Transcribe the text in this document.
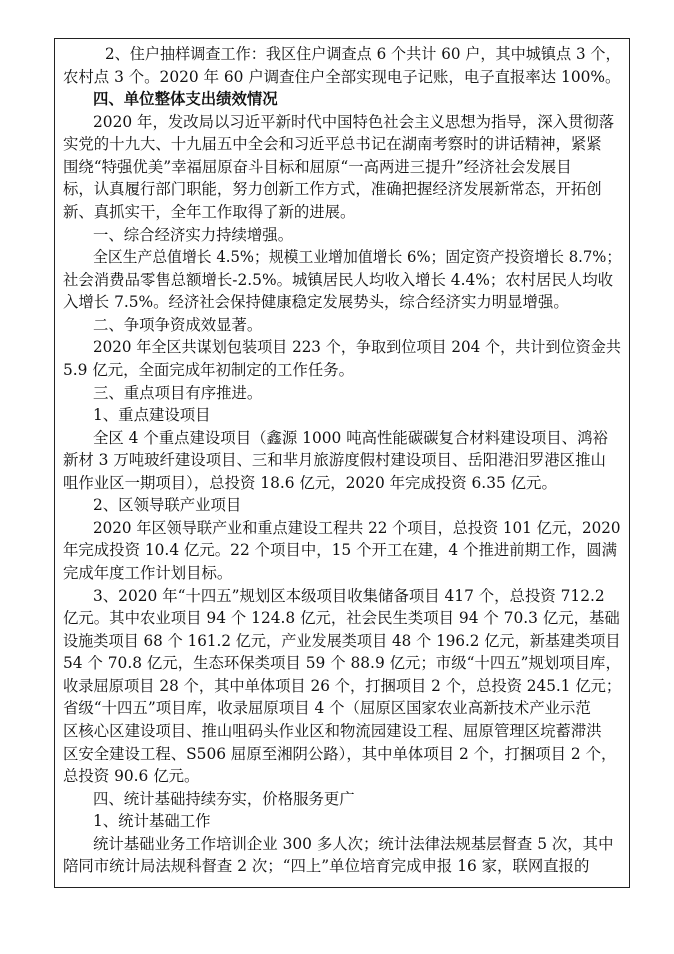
2、住户抽样调查工作：我区住户调查点 6 个共计 60 户，其中城镇点 3 个，
农村点 3 个。2020 年 60 户调查住户全部实现电子记账，电子直报率达 100%。
四、单位整体支出绩效情况
2020 年，发改局以习近平新时代中国特色社会主义思想为指导，深入贯彻落
实党的十九大、十九届五中全会和习近平总书记在湖南考察时的讲话精神，紧紧
围绕“特强优美”幸福屈原奋斗目标和屈原“一高两进三提升”经济社会发展目
标，认真履行部门职能，努力创新工作方式，准确把握经济发展新常态，开拓创
新、真抓实干，全年工作取得了新的进展。
一、综合经济实力持续增强。
全区生产总值增长 4.5%；规模工业增加值增长 6%；固定资产投资增长 8.7%；
社会消费品零售总额增长-2.5%。城镇居民人均收入增长 4.4%；农村居民人均收
入增长 7.5%。经济社会保持健康稳定发展势头，综合经济实力明显增强。
二、争项争资成效显著。
2020 年全区共谋划包装项目 223 个，争取到位项目 204 个，共计到位资金共
5.9 亿元，全面完成年初制定的工作任务。
三、重点项目有序推进。
1、重点建设项目
全区 4 个重点建设项目（鑫源 1000 吨高性能碳碳复合材料建设项目、鸿裕
新材 3 万吨玻纤建设项目、三和芈月旅游度假村建设项目、岳阳港汨罗港区推山
咀作业区一期项目），总投资 18.6 亿元，2020 年完成投资 6.35 亿元。
2、区领导联产业项目
2020 年区领导联产业和重点建设工程共 22 个项目，总投资 101 亿元，2020
年完成投资 10.4 亿元。22 个项目中，15 个开工在建，4 个推进前期工作，圆满
完成年度工作计划目标。
3、2020 年“十四五”规划区本级项目收集储备项目 417 个，总投资 712.2
亿元。其中农业项目 94 个 124.8 亿元，社会民生类项目 94 个 70.3 亿元，基础
设施类项目 68 个 161.2 亿元，产业发展类项目 48 个 196.2 亿元，新基建类项目
54 个 70.8 亿元，生态环保类项目 59 个 88.9 亿元；市级“十四五”规划项目库，
收录屈原项目 28 个，其中单体项目 26 个，打捆项目 2 个，总投资 245.1 亿元；
省级“十四五”项目库，收录屈原项目 4 个（屈原区国家农业高新技术产业示范
区核心区建设项目、推山咀码头作业区和物流园建设工程、屈原管理区垸蓄滞洪
区安全建设工程、S506 屈原至湘阴公路），其中单体项目 2 个，打捆项目 2 个，
总投资 90.6 亿元。
四、统计基础持续夯实，价格服务更广
1、统计基础工作
统计基础业务工作培训企业 300 多人次；统计法律法规基层督查 5 次，其中
陪同市统计局法规科督查 2 次；“四上”单位培育完成申报 16 家，联网直报的
